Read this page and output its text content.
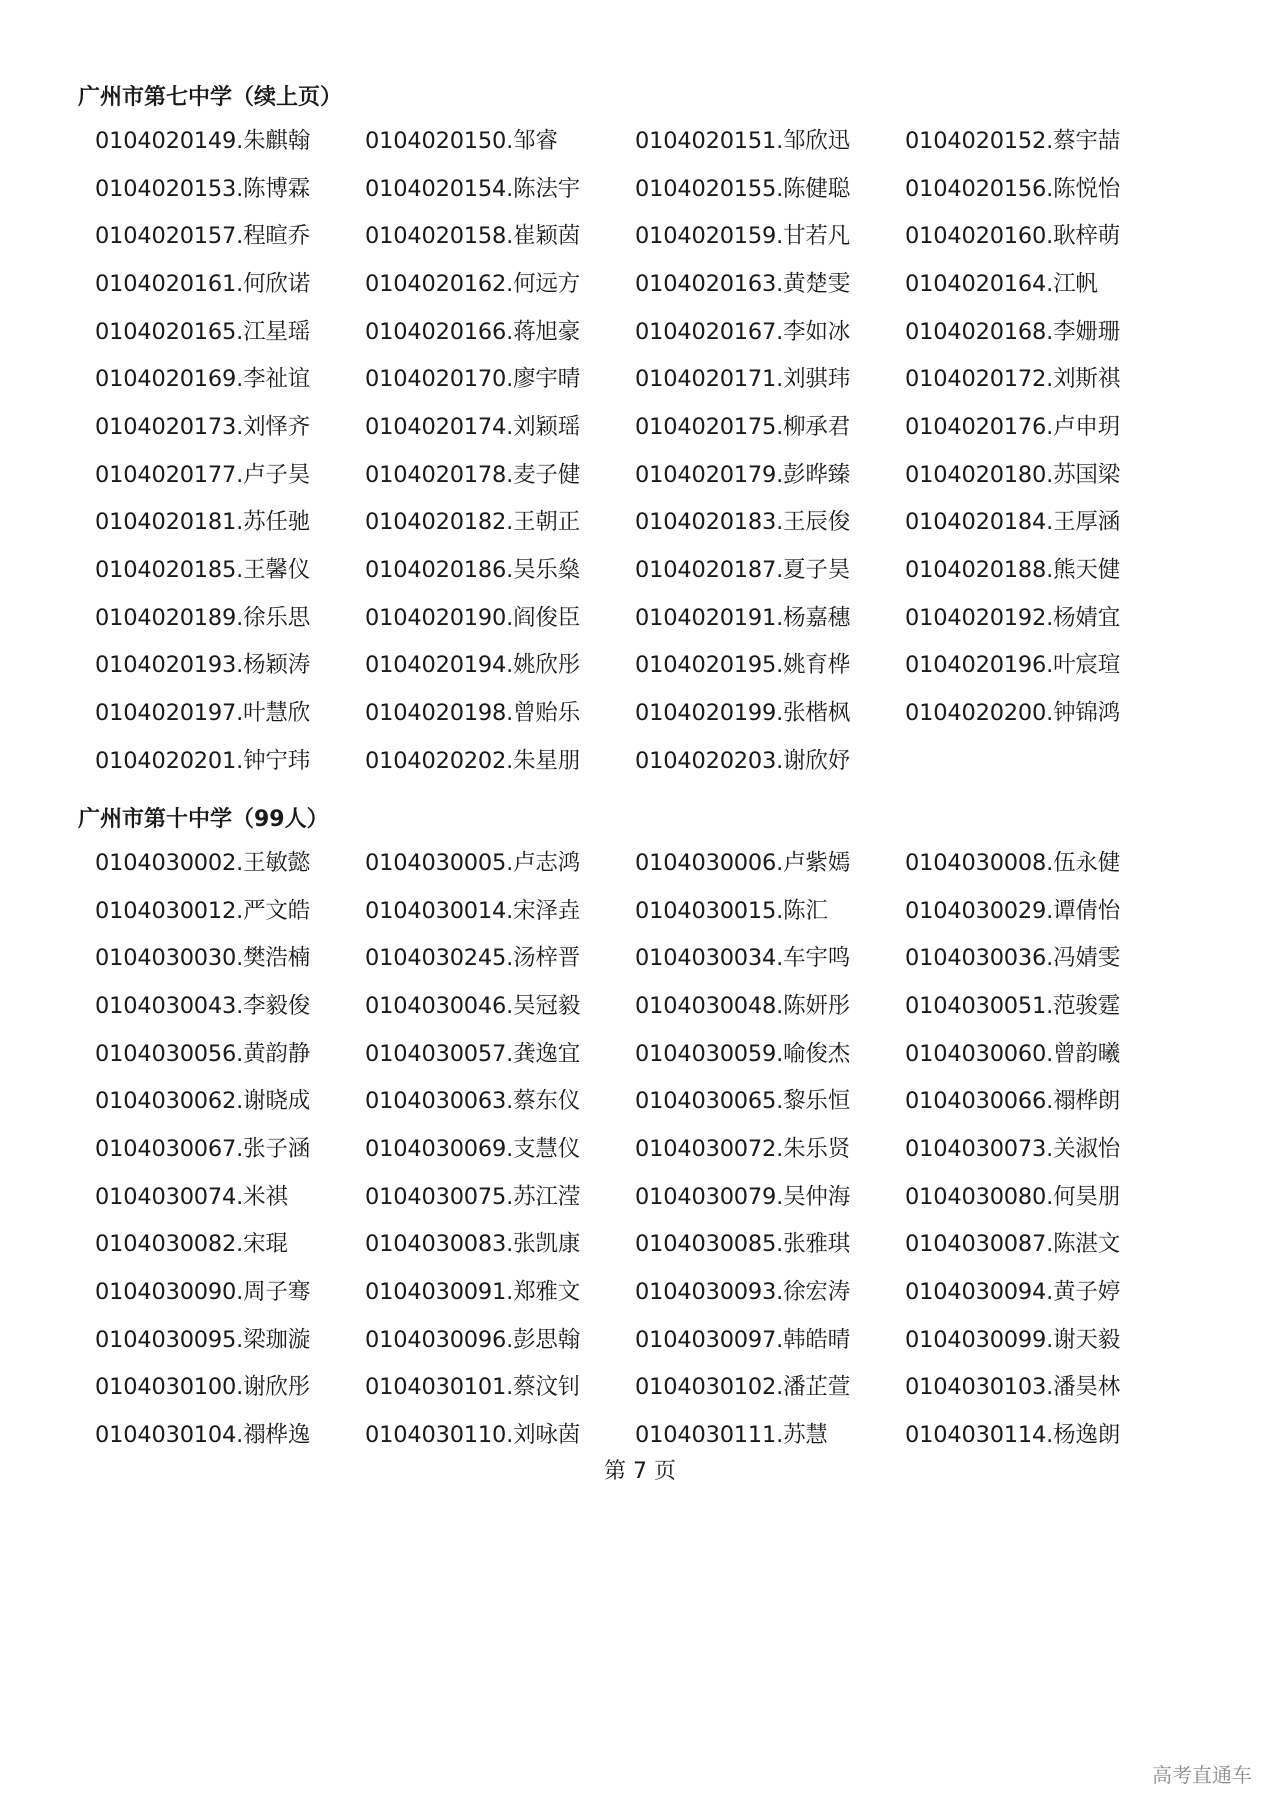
广州市第七中学（续上页）
0104020149.朱麒翰	0104020150.邹睿	0104020151.邹欣迅	0104020152.蔡宇喆
0104020153.陈博霖	0104020154.陈法宇	0104020155.陈健聪	0104020156.陈悦怡
0104020157.程暄乔	0104020158.崔颖茵	0104020159.甘若凡	0104020160.耿梓萌
0104020161.何欣诺	0104020162.何远方	0104020163.黄楚雯	0104020164.江帆
0104020165.江星瑶	0104020166.蒋旭豪	0104020167.李如冰	0104020168.李姗珊
0104020169.李祉谊	0104020170.廖宇晴	0104020171.刘骐玮	0104020172.刘斯祺
0104020173.刘怿齐	0104020174.刘颖瑶	0104020175.柳承君	0104020176.卢申玥
0104020177.卢子昊	0104020178.麦子健	0104020179.彭晔臻	0104020180.苏国梁
0104020181.苏任驰	0104020182.王朝正	0104020183.王辰俊	0104020184.王厚涵
0104020185.王馨仪	0104020186.吴乐燊	0104020187.夏子昊	0104020188.熊天健
0104020189.徐乐思	0104020190.阎俊臣	0104020191.杨嘉穗	0104020192.杨婧宜
0104020193.杨颖涛	0104020194.姚欣彤	0104020195.姚育桦	0104020196.叶宸瑄
0104020197.叶慧欣	0104020198.曾贻乐	0104020199.张楷枫	0104020200.钟锦鸿
0104020201.钟宁玮	0104020202.朱星朋	0104020203.谢欣妤
广州市第十中学（99人）
0104030002.王敏懿	0104030005.卢志鸿	0104030006.卢紫嫣	0104030008.伍永健
0104030012.严文皓	0104030014.宋泽垚	0104030015.陈汇	0104030029.谭倩怡
0104030030.樊浩楠	0104030245.汤梓晋	0104030034.车宇鸣	0104030036.冯婧雯
0104030043.李毅俊	0104030046.吴冠毅	0104030048.陈妍彤	0104030051.范骏霆
0104030056.黄韵静	0104030057.龚逸宜	0104030059.喻俊杰	0104030060.曾韵曦
0104030062.谢晓成	0104030063.蔡东仪	0104030065.黎乐恒	0104030066.禤桦朗
0104030067.张子涵	0104030069.支慧仪	0104030072.朱乐贤	0104030073.关淑怡
0104030074.米祺	0104030075.苏江滢	0104030079.吴仲海	0104030080.何昊朋
0104030082.宋琨	0104030083.张凯康	0104030085.张雅琪	0104030087.陈湛文
0104030090.周子骞	0104030091.郑雅文	0104030093.徐宏涛	0104030094.黄子婷
0104030095.梁珈漩	0104030096.彭思翰	0104030097.韩皓晴	0104030099.谢天毅
0104030100.谢欣彤	0104030101.蔡汶钊	0104030102.潘芷萱	0104030103.潘昊林
0104030104.禤桦逸	0104030110.刘咏茵	0104030111.苏慧	0104030114.杨逸朗
第 7 页
高考直通车
